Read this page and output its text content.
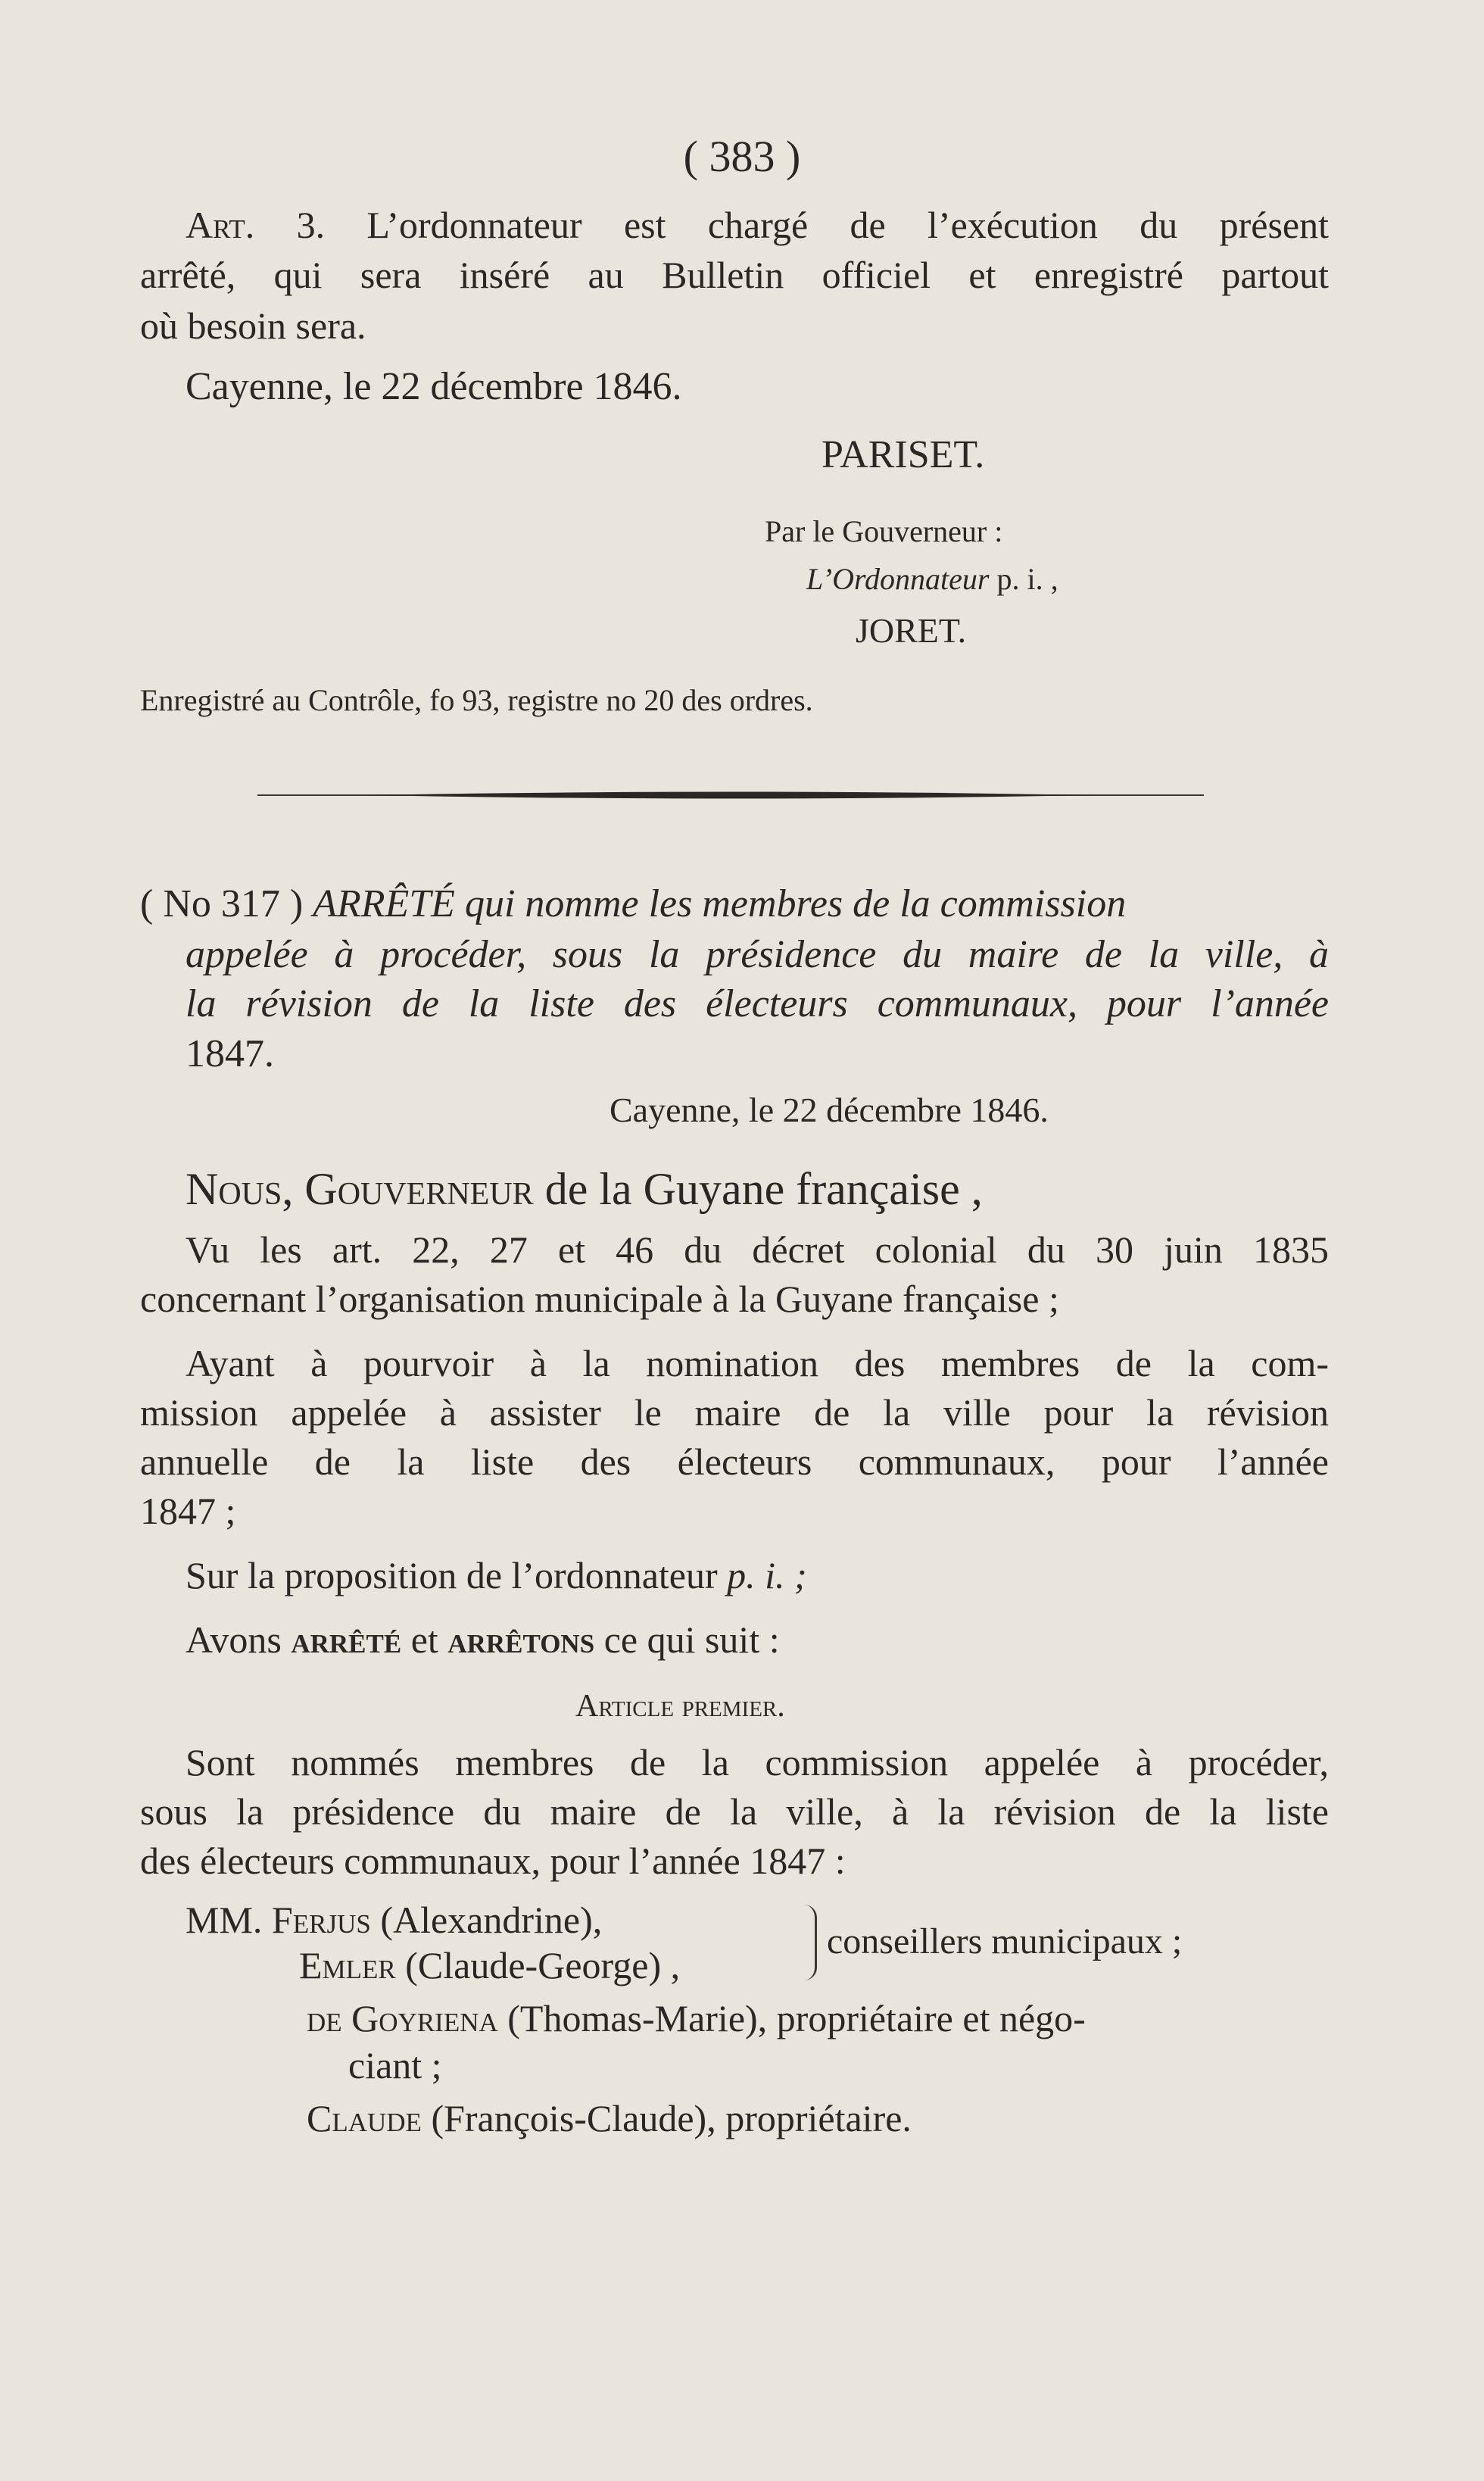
( 383 )

Art. 3. L’ordonnateur est chargé de l’exécution du présent

arrêté, qui sera inséré au Bulletin officiel et enregistré partout

où besoin sera.

Cayenne, le 22 décembre 1846.

PARISET.

Par le Gouverneur :

L’Ordonnateur p. i. ,

JORET.

Enregistré au Contrôle, fo 93, registre no 20 des ordres.

( No 317 ) ARRÊTÉ qui nomme les membres de la commission

appelée à procéder, sous la présidence du maire de la ville, à

la révision de la liste des électeurs communaux, pour l’année

1847.

Cayenne, le 22 décembre 1846.

Nous, Gouverneur de la Guyane française ,

Vu les art. 22, 27 et 46 du décret colonial du 30 juin 1835

concernant l’organisation municipale à la Guyane française ;

Ayant à pourvoir à la nomination des membres de la com-

mission appelée à assister le maire de la ville pour la révision

annuelle de la liste des électeurs communaux, pour l’année

1847 ;

Sur la proposition de l’ordonnateur p. i. ;

Avons arrêté et arrêtons ce qui suit :

Article premier.

Sont nommés membres de la commission appelée à procéder,

sous la présidence du maire de la ville, à la révision de la liste

des électeurs communaux, pour l’année 1847 :

MM. Ferjus (Alexandrine),

Emler (Claude-George) ,

conseillers municipaux ;

de Goyriena (Thomas-Marie), propriétaire et négo-

ciant ;

Claude (François-Claude), propriétaire.
